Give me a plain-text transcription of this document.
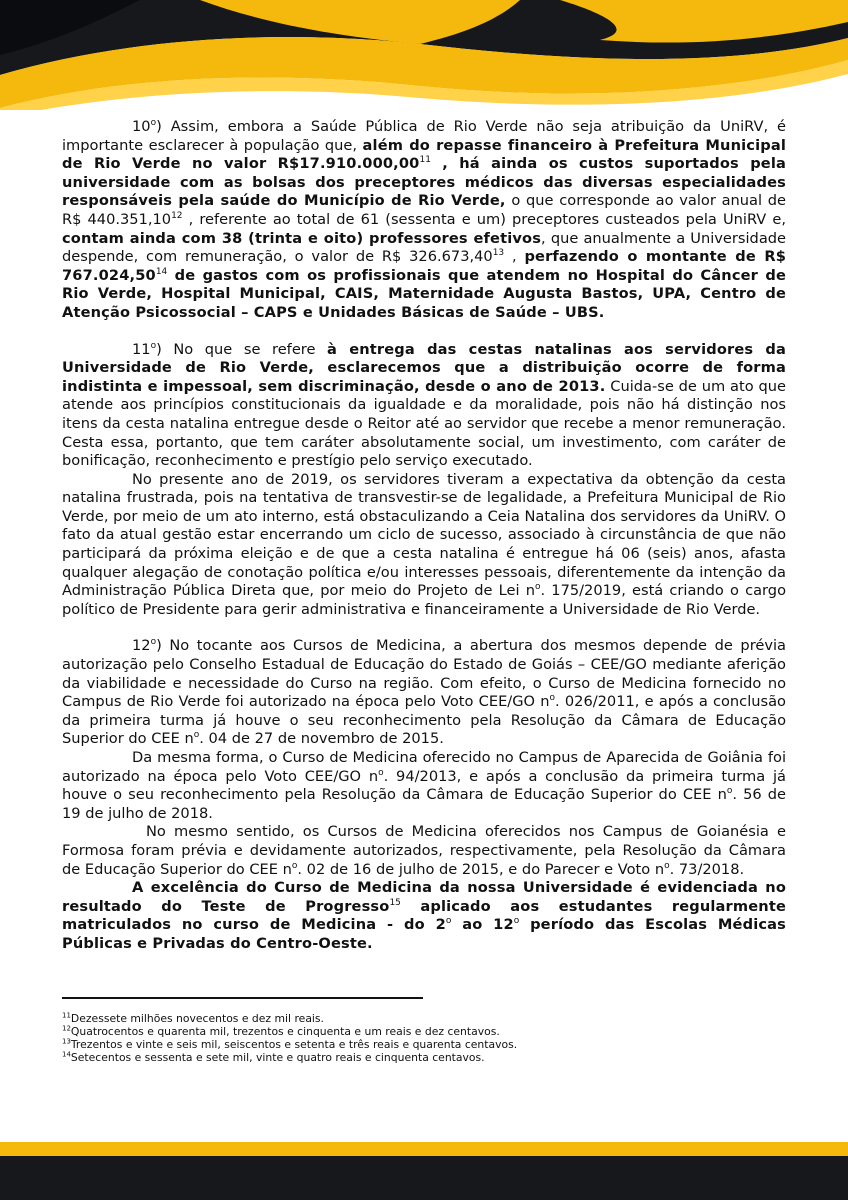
10$^o$) Assim, embora a Saúde Pública de Rio Verde não seja atribuição da UniRV, é importante esclarecer à população que, além do repasse financeiro à Prefeitura Municipal de Rio Verde no valor R$17.910.000,00$^{11}$ , há ainda os custos suportados pela universidade com as bolsas dos preceptores médicos das diversas especialidades responsáveis pela saúde do Município de Rio Verde, o que corresponde ao valor anual de R$ 440.351,10$^{12}$ , referente ao total de 61 (sessenta e um) preceptores custeados pela UniRV e, contam ainda com 38 (trinta e oito) professores efetivos, que anualmente a Universidade despende, com remuneração, o valor de R$ 326.673,40$^{13}$ , perfazendo o montante de R$ 767.024,50$^{14}$ de gastos com os profissionais que atendem no Hospital do Câncer de Rio Verde, Hospital Municipal, CAIS, Maternidade Augusta Bastos, UPA, Centro de Atenção Psicossocial – CAPS e Unidades Básicas de Saúde – UBS.

11$^o$) No que se refere à entrega das cestas natalinas aos servidores da Universidade de Rio Verde, esclarecemos que a distribuição ocorre de forma indistinta e impessoal, sem discriminação, desde o ano de 2013. Cuida-se de um ato que atende aos princípios constitucionais da igualdade e da moralidade, pois não há distinção nos itens da cesta natalina entregue desde o Reitor até ao servidor que recebe a menor remuneração. Cesta essa, portanto, que tem caráter absolutamente social, um investimento, com caráter de bonificação, reconhecimento e prestígio pelo serviço executado.

No presente ano de 2019, os servidores tiveram a expectativa da obtenção da cesta natalina frustrada, pois na tentativa de transvestir-se de legalidade, a Prefeitura Municipal de Rio Verde, por meio de um ato interno, está obstaculizando a Ceia Natalina dos servidores da UniRV. O fato da atual gestão estar encerrando um ciclo de sucesso, associado à circunstância de que não participará da próxima eleição e de que a cesta natalina é entregue há 06 (seis) anos, afasta qualquer alegação de conotação política e/ou interesses pessoais, diferentemente da intenção da Administração Pública Direta que, por meio do Projeto de Lei $n^o$. 175/2019, está criando o cargo político de Presidente para gerir administrativa e financeiramente a Universidade de Rio Verde.

12$^o$) No tocante aos Cursos de Medicina, a abertura dos mesmos depende de prévia autorização pelo Conselho Estadual de Educação do Estado de Goiás – CEE/GO mediante aferição da viabilidade e necessidade do Curso na região. Com efeito, o Curso de Medicina fornecido no Campus de Rio Verde foi autorizado na época pelo Voto CEE/GO $n^o$. 026/2011, e após a conclusão da primeira turma já houve o seu reconhecimento pela Resolução da Câmara de Educação Superior do CEE $n^o$. 04 de 27 de novembro de 2015.

Da mesma forma, o Curso de Medicina oferecido no Campus de Aparecida de Goiânia foi autorizado na época pelo Voto CEE/GO $n^o$. 94/2013, e após a conclusão da primeira turma já houve o seu reconhecimento pela Resolução da Câmara de Educação Superior do CEE $n^o$. 56 de 19 de julho de 2018.

No mesmo sentido, os Cursos de Medicina oferecidos nos Campus de Goianésia e Formosa foram prévia e devidamente autorizados, respectivamente, pela Resolução da Câmara de Educação Superior do CEE $n^o$. 02 de 16 de julho de 2015, e do Parecer e Voto $n^o$. 73/2018.

A excelência do Curso de Medicina da nossa Universidade é evidenciada no resultado do Teste de Progresso$^{15}$ aplicado aos estudantes regularmente matriculados no curso de Medicina - do 2$^o$ ao 12$^o$ período das Escolas Médicas Públicas e Privadas do Centro-Oeste.

$^{11}$Dezessete milhões novecentos e dez mil reais.
$^{12}$Quatrocentos e quarenta mil, trezentos e cinquenta e um reais e dez centavos.
$^{13}$Trezentos e vinte e seis mil, seiscentos e setenta e três reais e quarenta centavos.
$^{14}$Setecentos e sessenta e sete mil, vinte e quatro reais e cinquenta centavos.
